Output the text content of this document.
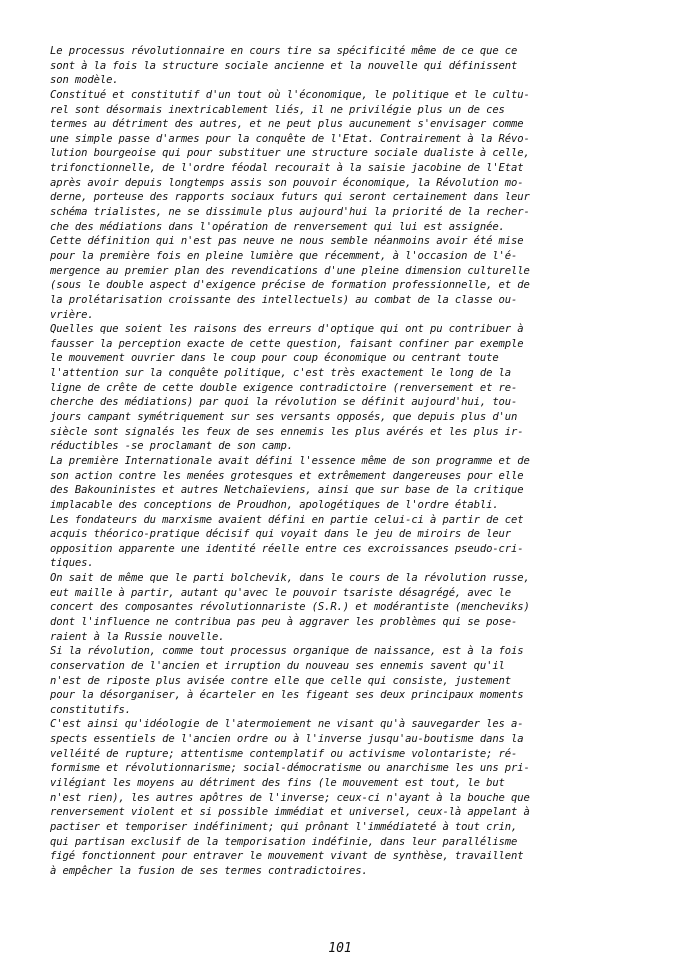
Le processus révolutionnaire en cours tire sa spécificité même de ce que ce
sont à la fois la structure sociale ancienne et la nouvelle qui définissent
son modèle.
Constitué et constitutif d'un tout où l'économique, le politique et le cultu-
rel sont désormais inextricablement liés, il ne privilégie plus un de ces
termes au détriment des autres, et ne peut plus aucunement s'envisager comme
une simple passe d'armes pour la conquête de l'Etat. Contrairement à la Révo-
lution bourgeoise qui pour substituer une structure sociale dualiste à celle,
trifonctionnelle, de l'ordre féodal recourait à la saisie jacobine de l'Etat
après avoir depuis longtemps assis son pouvoir économique, la Révolution mo-
derne, porteuse des rapports sociaux futurs qui seront certainement dans leur
schéma trialistes, ne se dissimule plus aujourd'hui la priorité de la recher-
che des médiations dans l'opération de renversement qui lui est assignée.
Cette définition qui n'est pas neuve ne nous semble néanmoins avoir été mise
pour la première fois en pleine lumière que récemment, à l'occasion de l'é-
mergence au premier plan des revendications d'une pleine dimension culturelle
(sous le double aspect d'exigence précise de formation professionnelle, et de
la prolétarisation croissante des intellectuels) au combat de la classe ou-
vrière.
Quelles que soient les raisons des erreurs d'optique qui ont pu contribuer à
fausser la perception exacte de cette question, faisant confiner par exemple
le mouvement ouvrier dans le coup pour coup économique ou centrant toute
l'attention sur la conquête politique, c'est très exactement le long de la
ligne de crête de cette double exigence contradictoire (renversement et re-
cherche des médiations) par quoi la révolution se définit aujourd'hui, tou-
jours campant symétriquement sur ses versants opposés, que depuis plus d'un
siècle sont signalés les feux de ses ennemis les plus avérés et les plus ir-
réductibles -se proclamant de son camp.
La première Internationale avait défini l'essence même de son programme et de
son action contre les menées grotesques et extrêmement dangereuses pour elle
des Bakouninistes et autres Netchaïeviens, ainsi que sur base de la critique
implacable des conceptions de Proudhon, apologétiques de l'ordre établi.
Les fondateurs du marxisme avaient défini en partie celui-ci à partir de cet
acquis théorico-pratique décisif qui voyait dans le jeu de miroirs de leur
opposition apparente une identité réelle entre ces excroissances pseudo-cri-
tiques.
On sait de même que le parti bolchevik, dans le cours de la révolution russe,
eut maille à partir, autant qu'avec le pouvoir tsariste désagrégé, avec le
concert des composantes révolutionnariste (S.R.) et modérantiste (mencheviks)
dont l'influence ne contribua pas peu à aggraver les problèmes qui se pose-
raient à la Russie nouvelle.
Si la révolution, comme tout processus organique de naissance, est à la fois
conservation de l'ancien et irruption du nouveau ses ennemis savent qu'il
n'est de riposte plus avisée contre elle que celle qui consiste, justement
pour la désorganiser, à écarteler en les figeant ses deux principaux moments
constitutifs.
C'est ainsi qu'idéologie de l'atermoiement ne visant qu'à sauvegarder les a-
spects essentiels de l'ancien ordre ou à l'inverse jusqu'au-boutisme dans la
velléité de rupture; attentisme contemplatif ou activisme volontariste; ré-
formisme et révolutionnarisme; social-démocratisme ou anarchisme les uns pri-
vilégiant les moyens au détriment des fins (le mouvement est tout, le but
n'est rien), les autres apôtres de l'inverse; ceux-ci n'ayant à la bouche que
renversement violent et si possible immédiat et universel, ceux-là appelant à
pactiser et temporiser indéfiniment; qui prônant l'immédiateté à tout crin,
qui partisan exclusif de la temporisation indéfinie, dans leur parallélisme
figé fonctionnent pour entraver le mouvement vivant de synthèse, travaillent
à empêcher la fusion de ses termes contradictoires.
101
